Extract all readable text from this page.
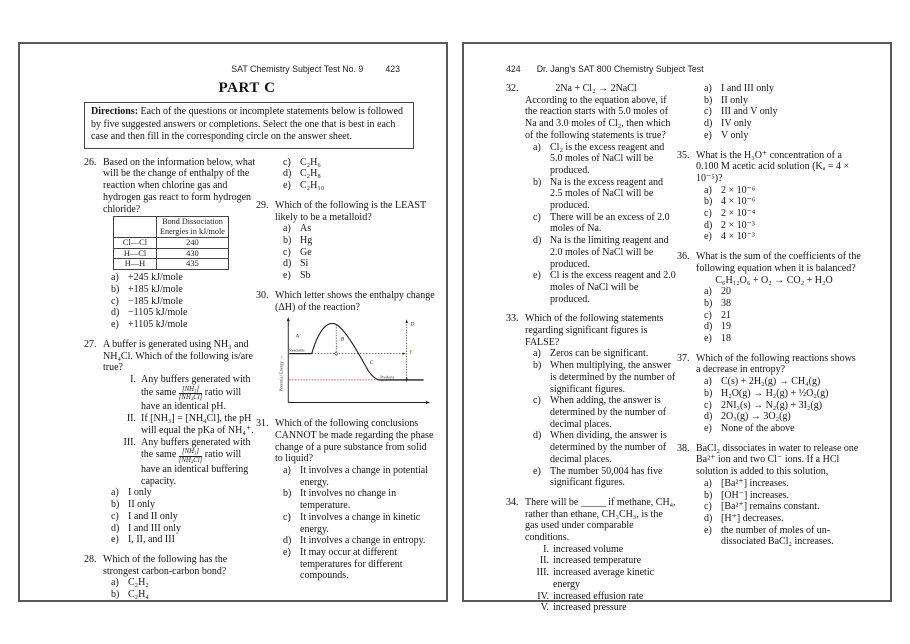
SAT Chemistry Subject Test No. 9	423
PART C
Directions: Each of the questions or incomplete statements below is followed by five suggested answers or completions. Select the one that is best in each case and then fill in the corresponding circle on the answer sheet.
26. Based on the information below, what will be the change of enthalpy of the reaction when chlorine gas and hydrogen gas react to form hydrogen chloride?
	Bond Dissociation
Energies in kJ/mole
Cl—Cl	240
H—Cl	430
H—H	435
a) +245 kJ/mole
b) +185 kJ/mole
c) −185 kJ/mole
d) −1105 kJ/mole
e) +1105 kJ/mole
27. A buffer is generated using NH₃ and NH₄Cl. Which of the following is/are true?
I. Any buffers generated with the same $\frac{\text{[NH₃]}}{\text{[NH₄Cl]}}$ ratio will have an identical pH.
II. If [NH₃] = [NH₄Cl], the pH will equal the pKa of NH₄⁺.
III. Any buffers generated with the same $\frac{\text{[NH₃]}}{\text{[NH₄Cl]}}$ ratio will have an identical buffering capacity.
a) I only
b) II only
c) I and II only
d) I and III only
e) I, II, and III
28. Which of the following has the strongest carbon-carbon bond?
a) C₂H₂
b) C₂H₄
c) C₂H₆
d) C₂H₈
e) C₂H₁₀
29. Which of the following is the LEAST likely to be a metalloid?
a) As
b) Hg
c) Ge
d) Si
e) Sb
30. Which letter shows the enthalpy change (ΔH) of the reaction?
Potential Energy →
Reactants
Products
A	B
C
D
E
31. Which of the following conclusions CANNOT be made regarding the phase change of a pure substance from solid to liquid?
a) It involves a change in potential energy.
b) It involves no change in temperature.
c) It involves a change in kinetic energy.
d) It involves a change in entropy.
e) It may occur at different temperatures for different compounds.
424 Dr. Jang's SAT 800 Chemistry Subject Test
32.	2Na + Cl₂ → 2NaCl
According to the equation above, if the reaction starts with 5.0 moles of Na and 3.0 moles of Cl₂, then which of the following statements is true?
a) Cl₂ is the excess reagent and 5.0 moles of NaCl will be produced.
b) Na is the excess reagent and 2.5 moles of NaCl will be produced.
c) There will be an excess of 2.0 moles of Na.
d) Na is the limiting reagent and 2.0 moles of NaCl will be produced.
e) Cl is the excess reagent and 2.0 moles of NaCl will be produced.
33. Which of the following statements regarding significant figures is FALSE?
a) Zeros can be significant.
b) When multiplying, the answer is determined by the number of significant figures.
c) When adding, the answer is determined by the number of decimal places.
d) When dividing, the answer is determined by the number of decimal places.
e) The number 50,004 has five significant figures.
34. There will be _____ if methane, CH₄, rather than ethane, CH₃CH₃, is the gas used under comparable conditions.
I. increased volume
II. increased temperature
III. increased average kinetic energy
IV. increased effusion rate
V. increased pressure
a) I and III only
b) II only
c) III and V only
d) IV only
e) V only
35. What is the H₃O⁺ concentration of a 0.100 M acetic acid solution (Kₐ = 4 × 10⁻⁵)?
a) 2 × 10⁻⁶
b) 4 × 10⁻⁶
c) 2 × 10⁻⁴
d) 2 × 10⁻³
e) 4 × 10⁻³
36. What is the sum of the coefficients of the following equation when it is balanced?
C₆H₁₂O₆ + O₂ → CO₂ + H₂O
a) 20
b) 38
c) 21
d) 19
e) 18
37. Which of the following reactions shows a decrease in entropy?
a) C(s) + 2H₂(g) → CH₄(g)
b) H₂O(g) → H₂(g) + ½O₂(g)
c) 2NI₃(s) → N₂(g) + 3I₂(g)
d) 2O₃(g) → 3O₂(g)
e) None of the above
38. BaCl₂ dissociates in water to release one Ba²⁺ ion and two Cl⁻ ions. If a HCl solution is added to this solution,
a) [Ba²⁺] increases.
b) [OH⁻] increases.
c) [Ba²⁺] remains constant.
d) [H⁺] decreases.
e) the number of moles of un-dissociated BaCl₂ increases.
